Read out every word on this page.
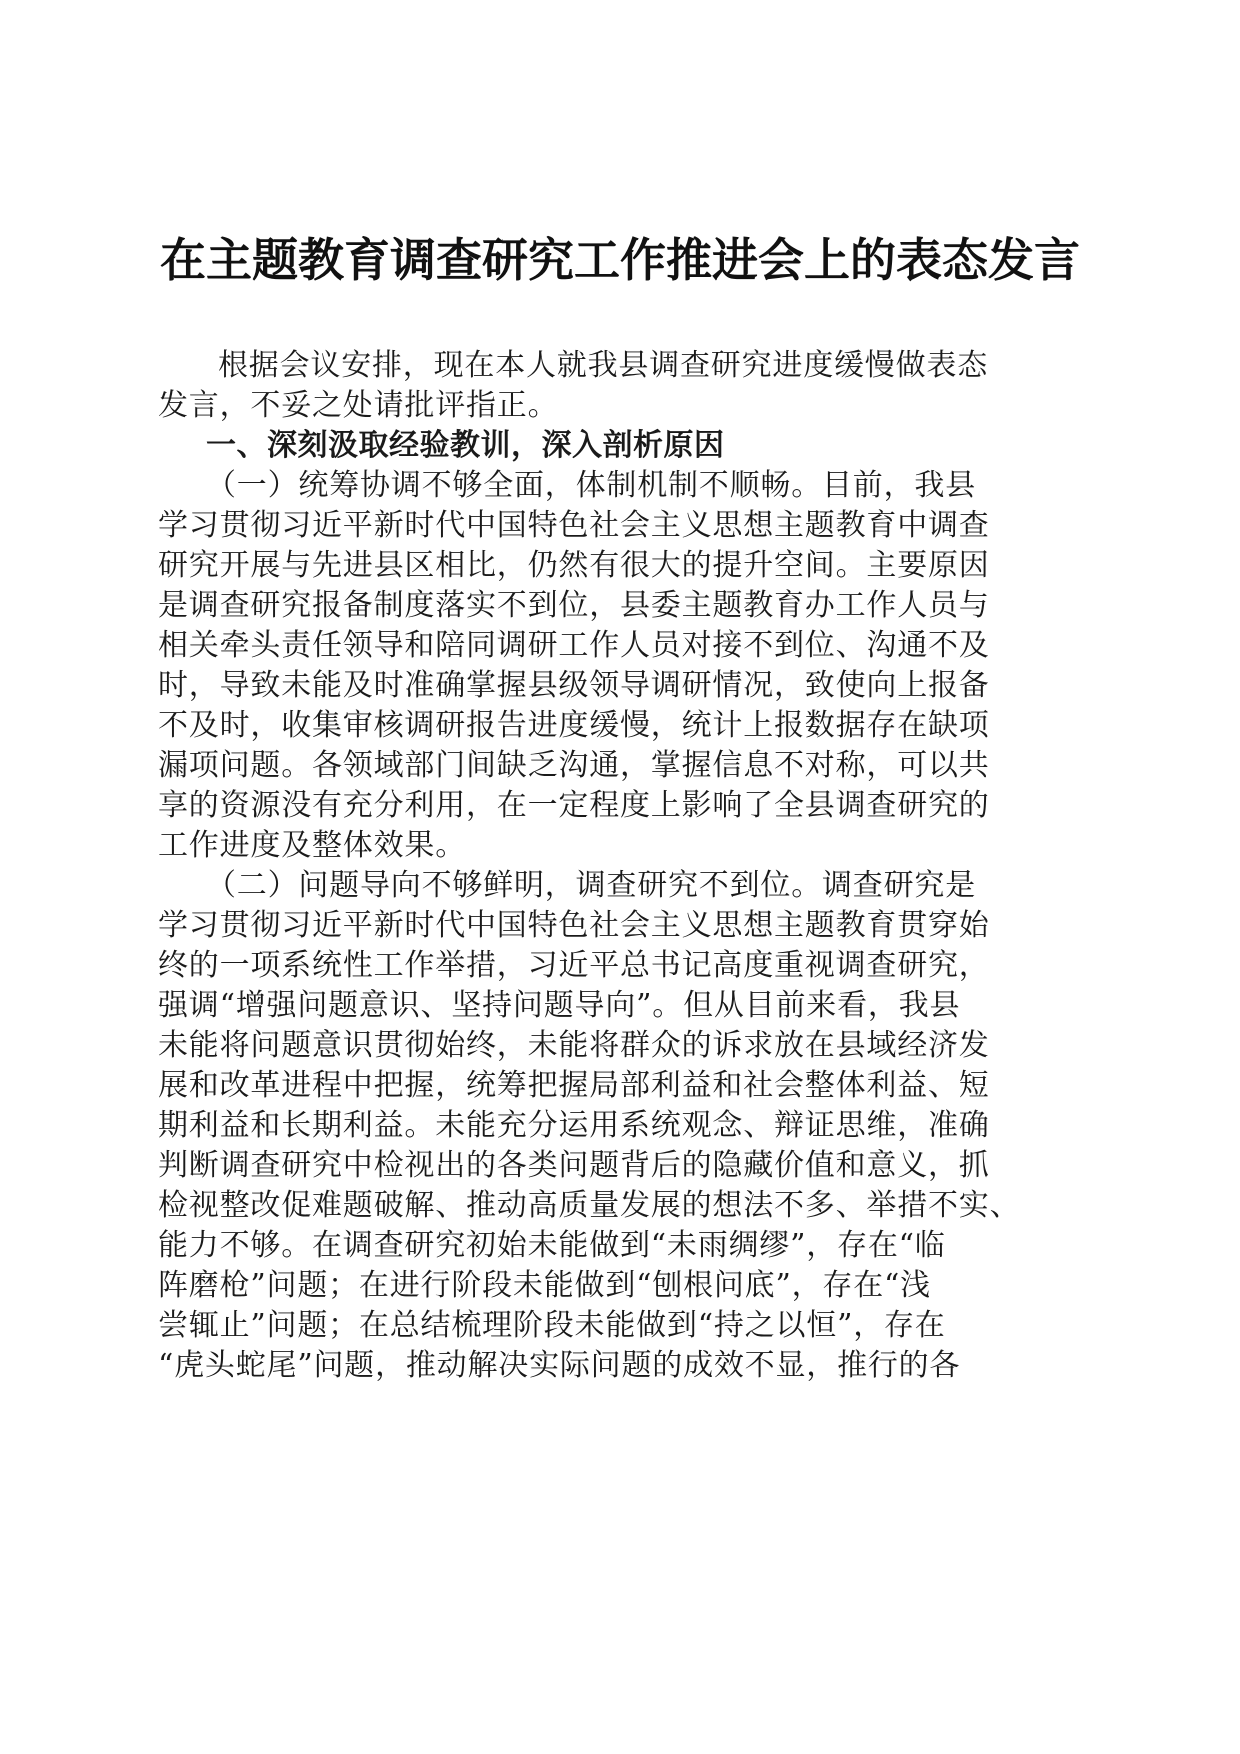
在主题教育调查研究工作推进会上的表态发言
根据会议安排，现在本人就我县调查研究进度缓慢做表态
发言，不妥之处请批评指正。
一、深刻汲取经验教训，深入剖析原因
（一）统筹协调不够全面，体制机制不顺畅。目前，我县
学习贯彻习近平新时代中国特色社会主义思想主题教育中调查
研究开展与先进县区相比，仍然有很大的提升空间。主要原因
是调查研究报备制度落实不到位，县委主题教育办工作人员与
相关牵头责任领导和陪同调研工作人员对接不到位、沟通不及
时，导致未能及时准确掌握县级领导调研情况，致使向上报备
不及时，收集审核调研报告进度缓慢，统计上报数据存在缺项
漏项问题。各领域部门间缺乏沟通，掌握信息不对称，可以共
享的资源没有充分利用，在一定程度上影响了全县调查研究的
工作进度及整体效果。
（二）问题导向不够鲜明，调查研究不到位。调查研究是
学习贯彻习近平新时代中国特色社会主义思想主题教育贯穿始
终的一项系统性工作举措，习近平总书记高度重视调查研究，
强调“增强问题意识、坚持问题导向”。但从目前来看，我县
未能将问题意识贯彻始终，未能将群众的诉求放在县域经济发
展和改革进程中把握，统筹把握局部利益和社会整体利益、短
期利益和长期利益。未能充分运用系统观念、辩证思维，准确
判断调查研究中检视出的各类问题背后的隐藏价值和意义，抓
检视整改促难题破解、推动高质量发展的想法不多、举措不实、
能力不够。在调查研究初始未能做到“未雨绸缪”，存在“临
阵磨枪”问题；在进行阶段未能做到“刨根问底”，存在“浅
尝辄止”问题；在总结梳理阶段未能做到“持之以恒”，存在
“虎头蛇尾”问题，推动解决实际问题的成效不显，推行的各
